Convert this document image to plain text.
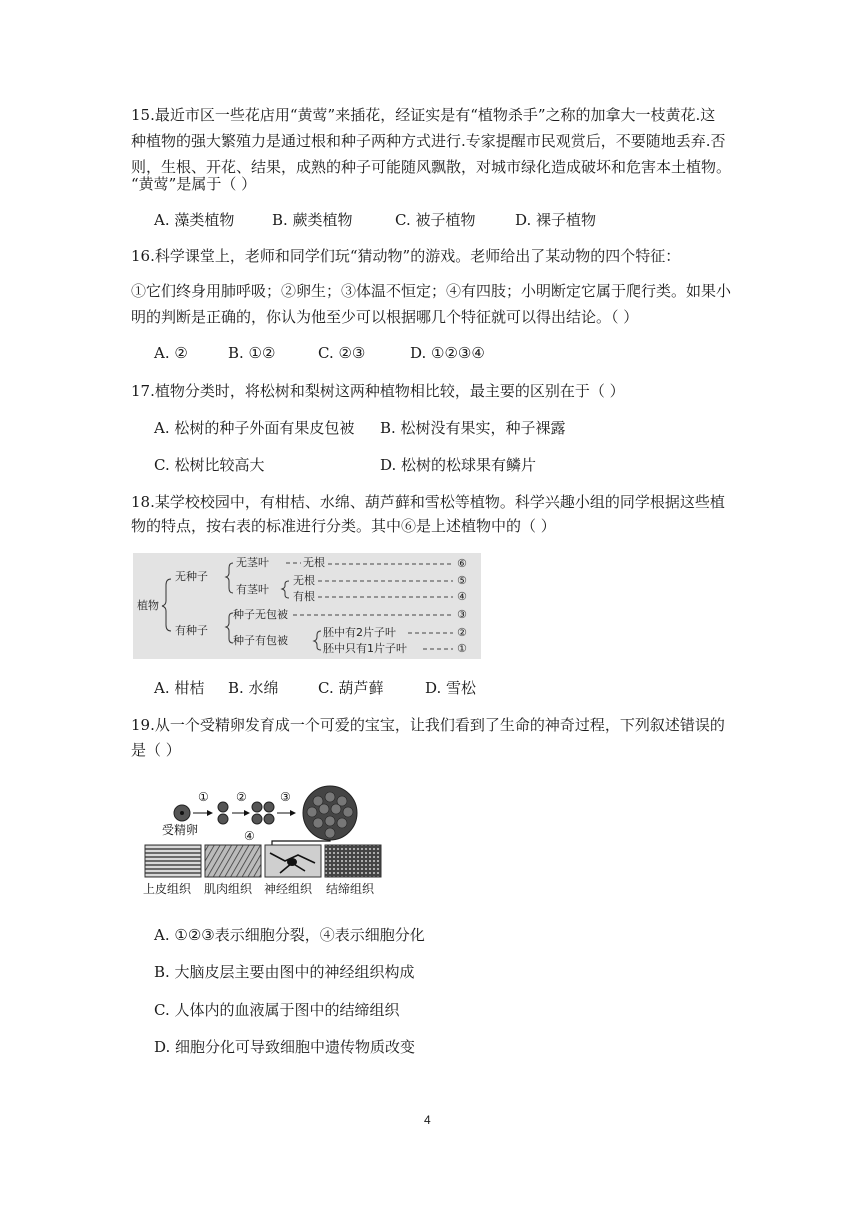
15.最近市区一些花店用“黄莺”来插花，经证实是有“植物杀手”之称的加拿大一枝黄花.这
种植物的强大繁殖力是通过根和种子两种方式进行.专家提醒市民观赏后，不要随地丢弃.否
则，生根、开花、结果，成熟的种子可能随风飘散，对城市绿化造成破坏和危害本土植物。
“黄莺”是属于（ ）
A. 藻类植物	B. 蕨类植物	C. 被子植物	D. 裸子植物
16.科学课堂上，老师和同学们玩“猜动物”的游戏。老师给出了某动物的四个特征：
①它们终身用肺呼吸；②卵生；③体温不恒定；④有四肢；小明断定它属于爬行类。如果小
明的判断是正确的，你认为他至少可以根据哪几个特征就可以得出结论。（ ）
A. ②	B. ①②	C. ②③	D. ①②③④
17.植物分类时，将松树和梨树这两种植物相比较，最主要的区别在于（ ）
A. 松树的种子外面有果皮包被 B. 松树没有果实，种子裸露
C. 松树比较高大	D. 松树的松球果有鳞片
18.某学校校园中，有柑桔、水绵、葫芦藓和雪松等植物。科学兴趣小组的同学根据这些植
物的特点，按右表的标准进行分类。其中⑥是上述植物中的（ ）
植物
无种子
有种子
无茎叶
有茎叶
无根
无根
有根
种子无包被
种子有包被
胚中有2片子叶
胚中只有1片子叶
⑥
⑤
④
③
②
①
A. 柑桔 B. 水绵	C. 葫芦藓	D. 雪松
19.从一个受精卵发育成一个可爱的宝宝，让我们看到了生命的神奇过程，下列叙述错误的
是（ ）
① ②	③
④
受精卵
上皮组织 肌肉组织 神经组织 结缔组织
A. ①②③表示细胞分裂，④表示细胞分化
B. 大脑皮层主要由图中的神经组织构成
C. 人体内的血液属于图中的结缔组织
D. 细胞分化可导致细胞中遗传物质改变
4
